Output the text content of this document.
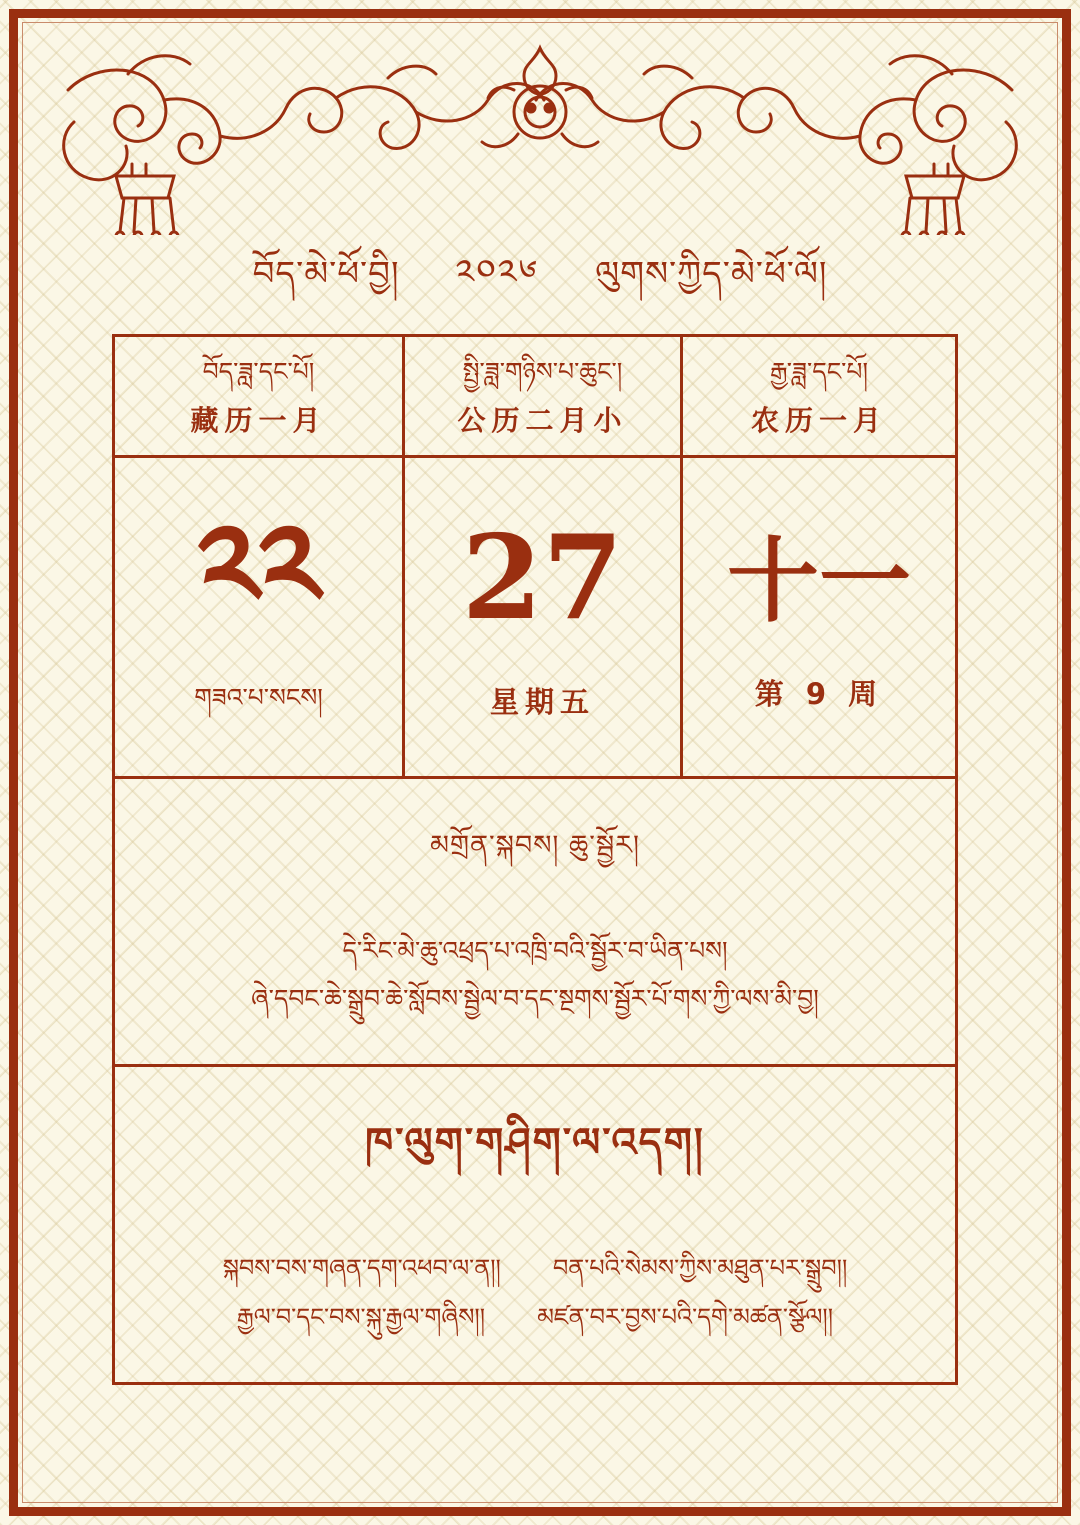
བོད་མེ་ཕོ་བྱི། ༢༠༢༦ ལུགས་ཀྱིད་མེ་ཕོ་ལོ།
བོད་ཟླ་དང་པོ།
藏历一月
སྤྱི་ཟླ་གཉིས་པ་ཆུང་།
公历二月小
རྒྱ་ཟླ་དང་པོ།
农历一月
༢༢
གཟའ་པ་སངས།
27
星期五
十一
第 9 周
མགྲོན་སྐབས། ཆུ་སྦྱོར།
དེ་རིང་མེ་ཆུ་འཕྲད་པ་འཁྲི་བའི་སྦྱོར་བ་ཡིན་པས།
ཞེ་དབང་ཆེ་སྒྲུབ་ཆེ་སློབས་སྦྱེལ་བ་དང་སྔགས་སྦྱོར་པོ་གས་ཀྱི་ལས་མི་བྱ།
ཁ་ལུག་གཤིག་ལ་འདག།
སྐབས་བས་གཞན་དག་འཕབ་ལ་ན།། བན་པའི་སེམས་ཀྱིས་མཐུན་པར་སྒྲུབ།།
རྒྱལ་བ་དང་བས་སྐུ་རྒྱལ་གཞིས།། མཛན་བར་བྱས་པའི་དགེ་མཚན་སྩོལ།།
